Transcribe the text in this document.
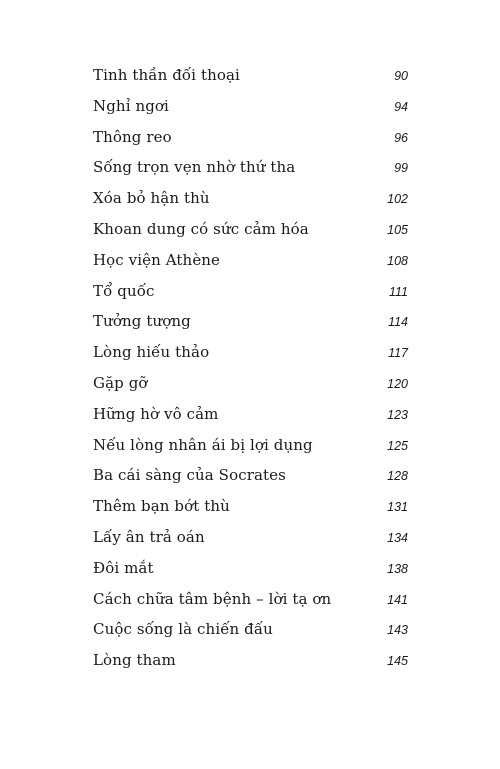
Tinh thần đối thoại	90
Nghỉ ngơi	94
Thông reo	96
Sống trọn vẹn nhờ thứ tha	99
Xóa bỏ hận thù	102
Khoan dung có sức cảm hóa	105
Học viện Athène	108
Tổ quốc	111
Tưởng tượng	114
Lòng hiếu thảo	117
Gặp gỡ	120
Hững hờ vô cảm	123
Nếu lòng nhân ái bị lợi dụng	125
Ba cái sàng của Socrates	128
Thêm bạn bớt thù	131
Lấy ân trả oán	134
Đôi mắt	138
Cách chữa tâm bệnh – lời tạ ơn	141
Cuộc sống là chiến đấu	143
Lòng tham	145
